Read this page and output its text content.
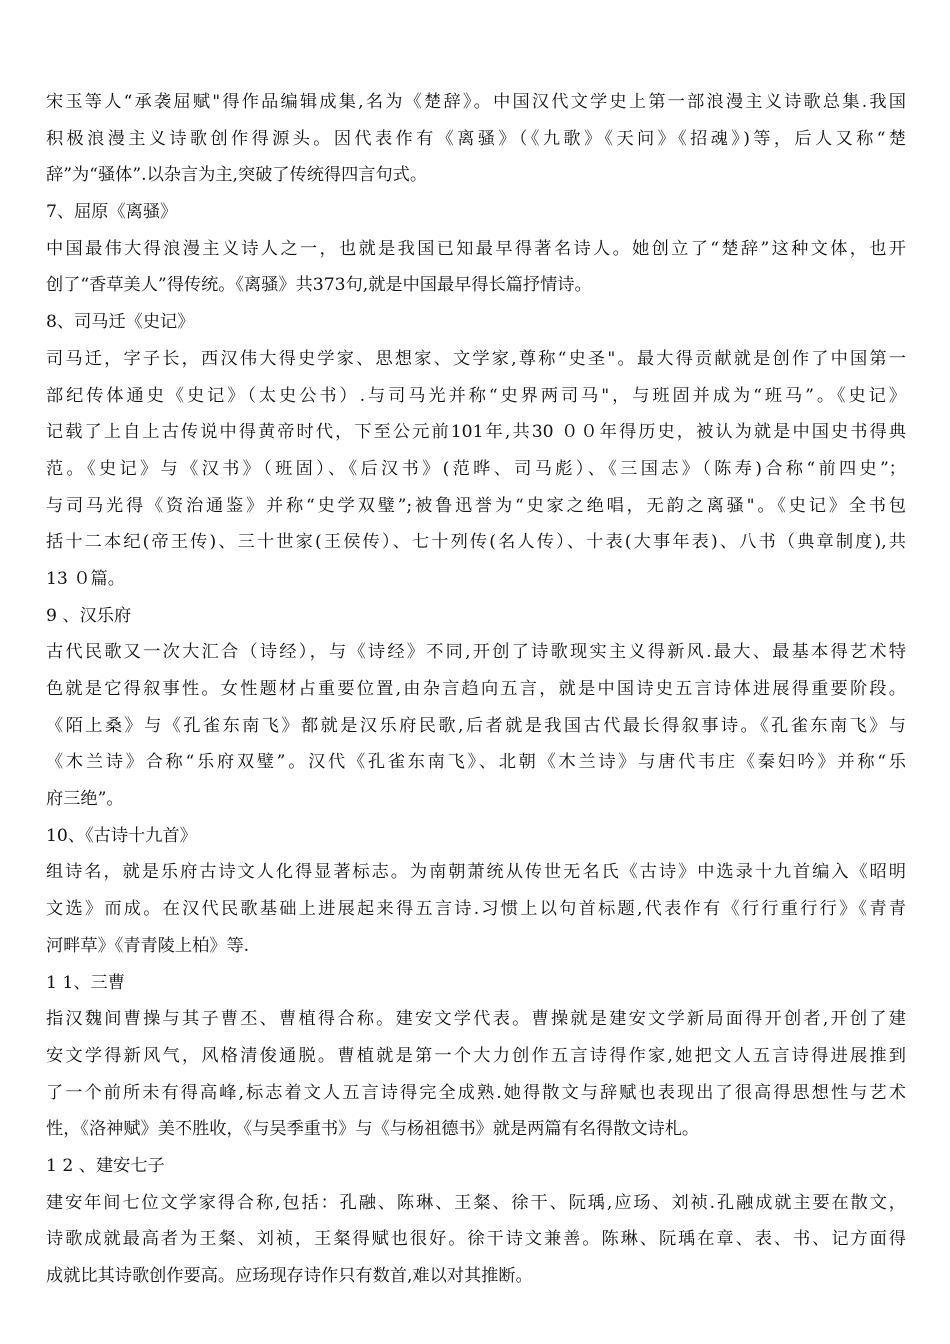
宋玉等人“承袭屈赋"得作品编辑成集,名为《楚辞》。中国汉代文学史上第一部浪漫主义诗歌总集.我国
积极浪漫主义诗歌创作得源头。因代表作有《离骚》（《九歌》《天问》《招魂》)等，后人又称“楚
辞”为“骚体”.以杂言为主,突破了传统得四言句式。
7、屈原《离骚》
中国最伟大得浪漫主义诗人之一，也就是我国已知最早得著名诗人。她创立了“楚辞”这种文体，也开
创了“香草美人”得传统。《离骚》共373句,就是中国最早得长篇抒情诗。
8、司马迁《史记》
司马迁，字子长，西汉伟大得史学家、思想家、文学家,尊称“史圣"。最大得贡献就是创作了中国第一
部纪传体通史《史记》（太史公书）.与司马光并称“史界两司马"，与班固并成为“班马”。《史记》
记载了上自上古传说中得黄帝时代，下至公元前101年,共30 ００年得历史，被认为就是中国史书得典
范。《史记》与《汉书》（班固）、《后汉书》(范晔、司马彪）、《三国志》（陈寿)合称“前四史”；
与司马光得《资治通鉴》并称“史学双璧”;被鲁迅誉为“史家之绝唱，无韵之离骚"。《史记》全书包
括十二本纪(帝王传)、三十世家(王侯传）、七十列传(名人传）、十表(大事年表)、八书（典章制度),共
13 ０篇。
9 、汉乐府
古代民歌又一次大汇合（诗经），与《诗经》不同,开创了诗歌现实主义得新风.最大、最基本得艺术特
色就是它得叙事性。女性题材占重要位置,由杂言趋向五言，就是中国诗史五言诗体进展得重要阶段。
《陌上桑》与《孔雀东南飞》都就是汉乐府民歌,后者就是我国古代最长得叙事诗。《孔雀东南飞》与
《木兰诗》合称“乐府双璧”。汉代《孔雀东南飞》、北朝《木兰诗》与唐代韦庄《秦妇吟》并称“乐
府三绝”。
10、《古诗十九首》
组诗名，就是乐府古诗文人化得显著标志。为南朝萧统从传世无名氏《古诗》中选录十九首编入《昭明
文选》而成。在汉代民歌基础上进展起来得五言诗.习惯上以句首标题,代表作有《行行重行行》《青青
河畔草》《青青陵上柏》等.
1 1、三曹
指汉魏间曹操与其子曹丕、曹植得合称。建安文学代表。曹操就是建安文学新局面得开创者,开创了建
安文学得新风气，风格清俊通脱。曹植就是第一个大力创作五言诗得作家,她把文人五言诗得进展推到
了一个前所未有得高峰,标志着文人五言诗得完全成熟.她得散文与辞赋也表现出了很高得思想性与艺术
性，《洛神赋》美不胜收，《与吴季重书》与《与杨祖德书》就是两篇有名得散文诗札。
1 2 、建安七子
建安年间七位文学家得合称,包括：孔融、陈琳、王粲、徐干、阮瑀,应玚、刘祯.孔融成就主要在散文，
诗歌成就最高者为王粲、刘祯，王粲得赋也很好。徐干诗文兼善。陈琳、阮瑀在章、表、书、记方面得
成就比其诗歌创作要高。应玚现存诗作只有数首,难以对其推断。
